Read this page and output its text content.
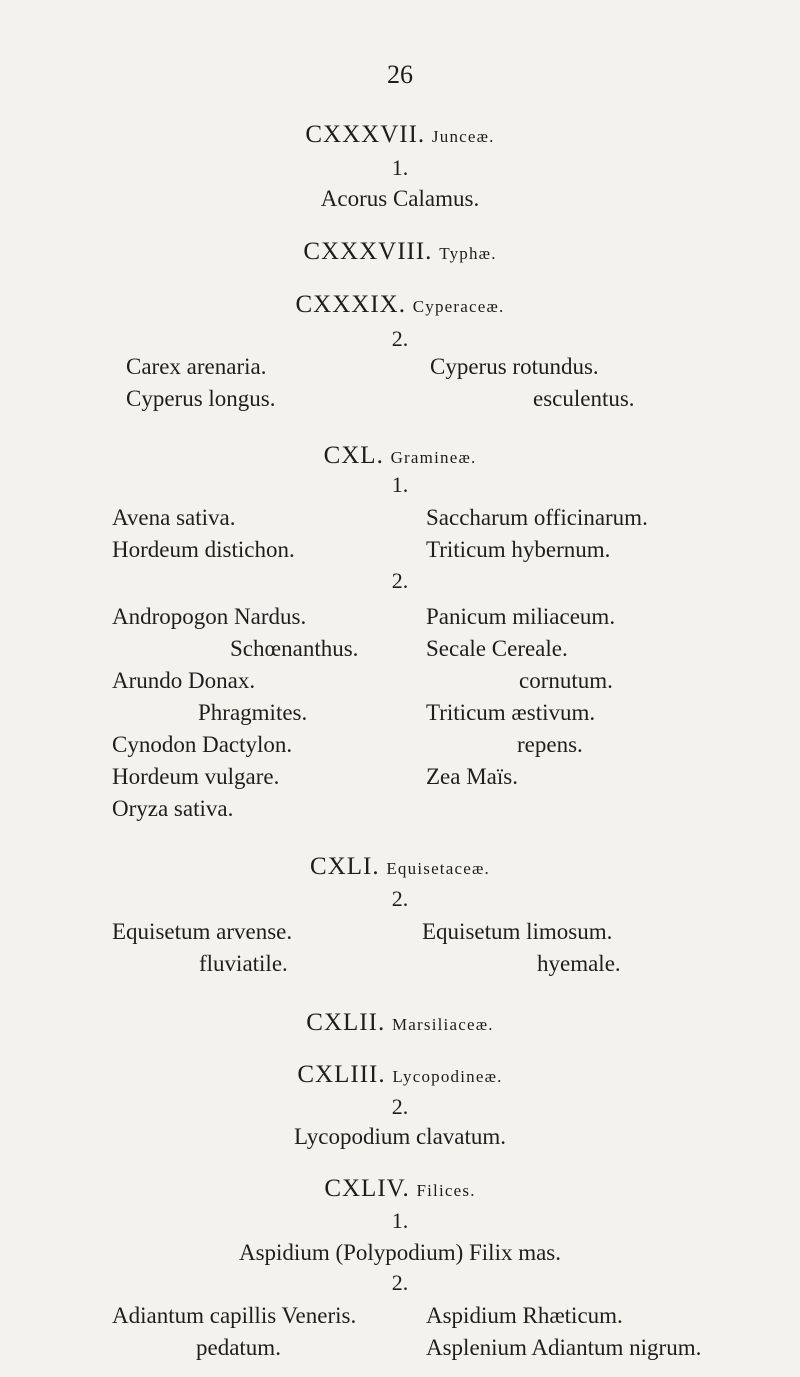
26
CXXXVII. Junceæ.
1.
Acorus Calamus.
CXXXVIII. Typhæ.
CXXXIX. Cyperaceæ.
2.
Carex arenaria.
Cyperus longus.
Cyperus rotundus.
esculentus.
CXL. Gramineæ.
1.
Avena sativa.
Hordeum distichon.
Saccharum officinarum.
Triticum hybernum.
2.
Andropogon Nardus.
Schœnanthus.
Arundo Donax.
Phragmites.
Cynodon Dactylon.
Hordeum vulgare.
Oryza sativa.
Panicum miliaceum.
Secale Cereale.
cornutum.
Triticum æstivum.
repens.
Zea Maïs.
CXLI. Equisetaceæ.
2.
Equisetum arvense.
fluviatile.
Equisetum limosum.
hyemale.
CXLII. Marsiliaceæ.
CXLIII. Lycopodineæ.
2.
Lycopodium clavatum.
CXLIV. Filices.
1.
Aspidium (Polypodium) Filix mas.
2.
Adiantum capillis Veneris.
pedatum.
Aspidium Rhæticum.
Asplenium Adiantum nigrum.
